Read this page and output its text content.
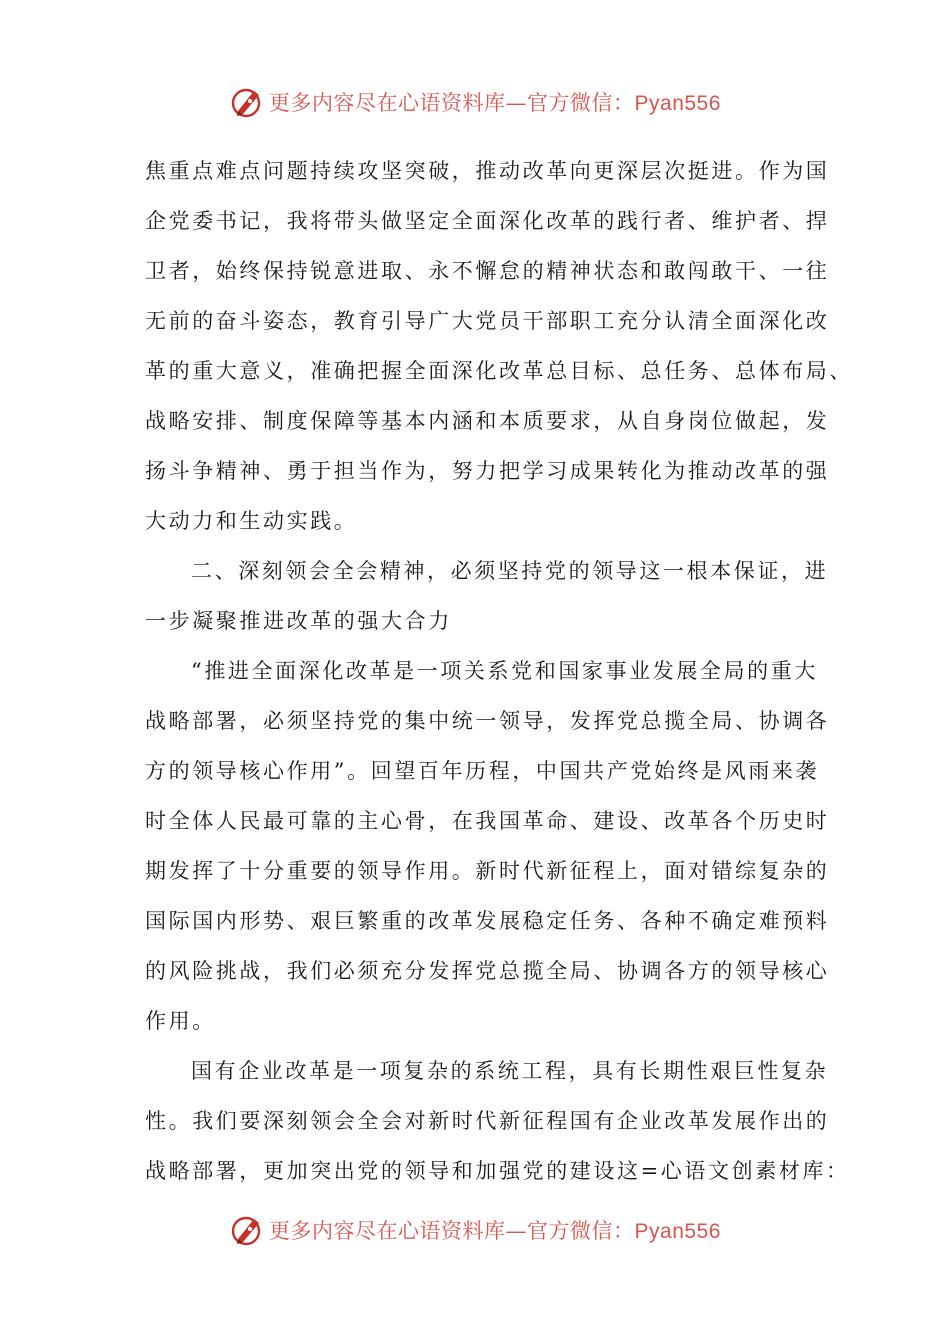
更多内容尽在心语资料库—官方微信：Pyan556
焦重点难点问题持续攻坚突破，推动改革向更深层次挺进。作为国
企党委书记，我将带头做坚定全面深化改革的践行者、维护者、捍
卫者，始终保持锐意进取、永不懈怠的精神状态和敢闯敢干、一往
无前的奋斗姿态，教育引导广大党员干部职工充分认清全面深化改
革的重大意义，准确把握全面深化改革总目标、总任务、总体布局、
战略安排、制度保障等基本内涵和本质要求，从自身岗位做起，发
扬斗争精神、勇于担当作为，努力把学习成果转化为推动改革的强
大动力和生动实践。
二、深刻领会全会精神，必须坚持党的领导这一根本保证，进
一步凝聚推进改革的强大合力
“推进全面深化改革是一项关系党和国家事业发展全局的重大
战略部署，必须坚持党的集中统一领导，发挥党总揽全局、协调各
方的领导核心作用”。回望百年历程，中国共产党始终是风雨来袭
时全体人民最可靠的主心骨，在我国革命、建设、改革各个历史时
期发挥了十分重要的领导作用。新时代新征程上，面对错综复杂的
国际国内形势、艰巨繁重的改革发展稳定任务、各种不确定难预料
的风险挑战，我们必须充分发挥党总揽全局、协调各方的领导核心
作用。
国有企业改革是一项复杂的系统工程，具有长期性艰巨性复杂
性。我们要深刻领会全会对新时代新征程国有企业改革发展作出的
战略部署，更加突出党的领导和加强党的建设这=心语文创素材库：
更多内容尽在心语资料库—官方微信：Pyan556
